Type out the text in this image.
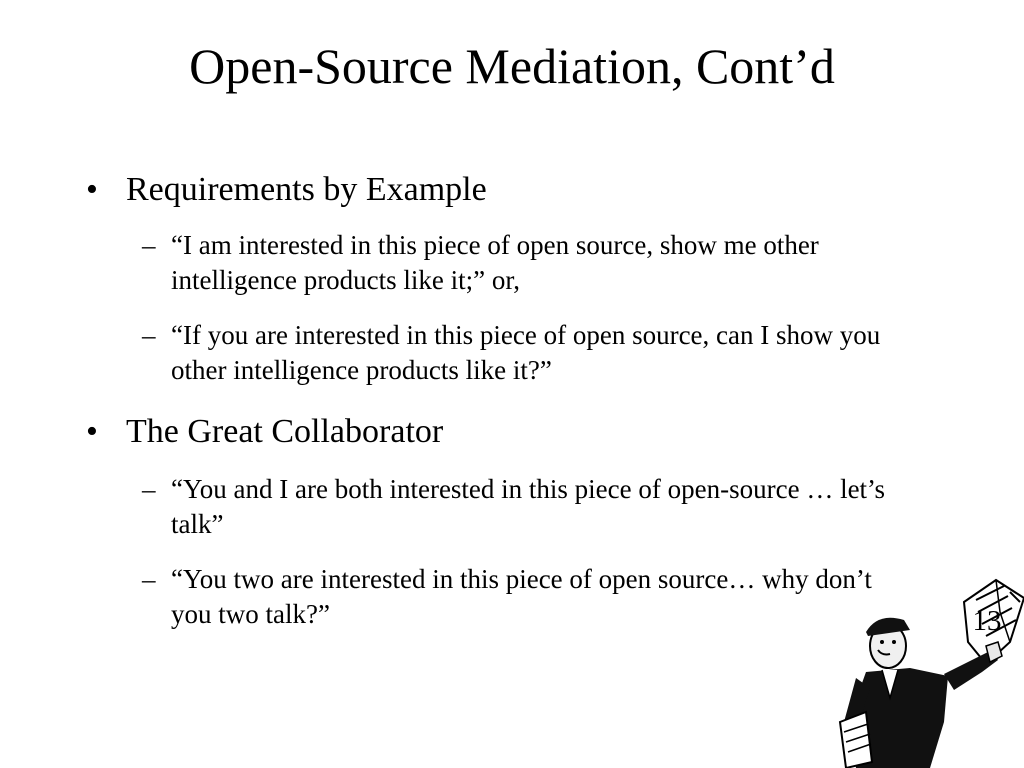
Open-Source Mediation, Cont’d
• Requirements by Example
– “I am interested in this piece of open source, show me other intelligence products like it;” or,
– “If you are interested in this piece of open source, can I show you other intelligence products like it?”
• The Great Collaborator
– “You and I are both interested in this piece of open-source … let’s talk”
– “You two are interested in this piece of open source… why don’t you two talk?”	13
